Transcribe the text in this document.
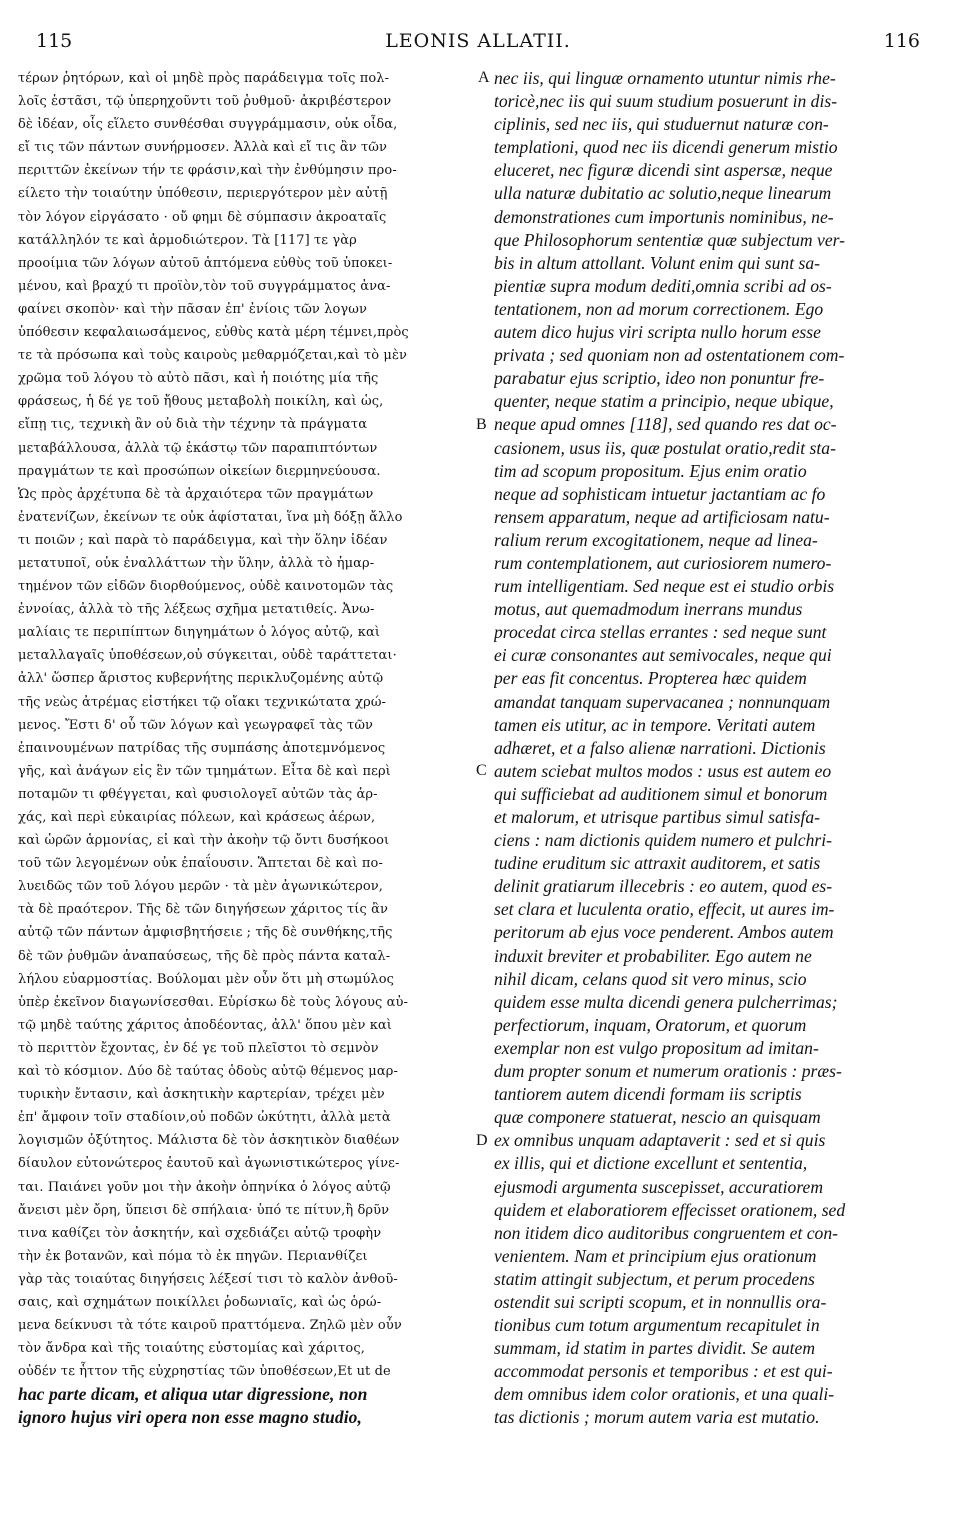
115	LEONIS ALLATII.	116
τέρων ῥητόρων, καὶ οἱ μηδὲ πρὸς παράδειγμα τοῖς πολ-
λοῖς ἑστᾶσι, τῷ ὑπερηχοῦντι τοῦ ῥυθμοῦ· ἀκριβέστερον
δὲ ἰδέαν, οἷς εἵλετο συνθέσθαι συγγράμμασιν, οὐκ οἶδα,
εἴ τις τῶν πάντων συνήρμοσεν. Ἀλλὰ καὶ εἴ τις ἂν τῶν
περιττῶν ἐκείνων τήν τε φράσιν,καὶ τὴν ἐνθύμησιν προ-
είλετο τὴν τοιαύτην ὑπόθεσιν, περιεργότερον μὲν αὐτῇ
τὸν λόγον εἰργάσατο · οὔ φημι δὲ σύμπασιν ἀκροαταῖς
κατάλληλόν τε καὶ ἁρμοδιώτερον. Τὰ [117] τε γὰρ
προοίμια τῶν λόγων αὐτοῦ ἁπτόμενα εὐθὺς τοῦ ὑποκει-
μένου, καὶ βραχύ τι προϊὸν,τὸν τοῦ συγγράμματος ἀνα-
φαίνει σκοπὸν· καὶ τὴν πᾶσαν ἐπ' ἐνίοις τῶν λογων
ὑπόθεσιν κεφαλαιωσάμενος, εὐθὺς κατὰ μέρη τέμνει,πρὸς
τε τὰ πρόσωπα καὶ τοὺς καιροὺς μεθαρμόζεται,καὶ τὸ μὲν
χρῶμα τοῦ λόγου τὸ αὐτὸ πᾶσι, καὶ ἡ ποιότης μία τῆς
φράσεως, ἡ δέ γε τοῦ ἤθους μεταβολὴ ποικίλη, καὶ ὡς,
εἴπῃ τις, τεχνικὴ ἂν οὐ διὰ τὴν τέχνην τὰ πράγματα
μεταβάλλουσα, ἀλλὰ τῷ ἑκάστῳ τῶν παραπιπτόντων
πραγμάτων τε καὶ προσώπων οἰκείων διερμηνεύουσα.
Ὡς πρὸς ἀρχέτυπα δὲ τὰ ἀρχαιότερα τῶν πραγμάτων
ἐνατενίζων, ἐκείνων τε οὐκ ἀφίσταται, ἵνα μὴ δόξῃ ἄλλο
τι ποιῶν ; καὶ παρὰ τὸ παράδειγμα, καὶ τὴν ὅλην ἰδέαν
μετατυποῖ, οὐκ ἐναλλάττων τὴν ὕλην, ἀλλὰ τὸ ἡμαρ-
τημένον τῶν εἰδῶν διορθούμενος, οὐδὲ καινοτομῶν τὰς
ἐννοίας, ἀλλὰ τὸ τῆς λέξεως σχῆμα μετατιθείς. Ἀνω-
μαλίαις τε περιπίπτων διηγημάτων ὁ λόγος αὐτῷ, καὶ
μεταλλαγαῖς ὑποθέσεων,οὐ σύγκειται, οὐδὲ ταράττεται·
ἀλλ' ὥσπερ ἄριστος κυβερνήτης περικλυζομένης αὐτῷ
τῆς νεὼς ἀτρέμας εἱστήκει τῷ οἴακι τεχνικώτατα χρώ-
μενος. Ἔστι δ' οὗ τῶν λόγων καὶ γεωγραφεῖ τὰς τῶν
ἐπαινουμένων πατρίδας τῆς συμπάσης ἀποτεμνόμενος
γῆς, καὶ ἀνάγων εἰς ἓν τῶν τμημάτων. Εἶτα δὲ καὶ περὶ
ποταμῶν τι φθέγγεται, καὶ φυσιολογεῖ αὐτῶν τὰς ἀρ-
χάς, καὶ περὶ εὐκαιρίας πόλεων, καὶ κράσεως ἀέρων,
καὶ ὡρῶν ἁρμονίας, εἰ καὶ τὴν ἀκοὴν τῷ ὄντι δυσήκοοι
τοῦ τῶν λεγομένων οὐκ ἐπαΐουσιν. Ἅπτεται δὲ καὶ πο-
λυειδῶς τῶν τοῦ λόγου μερῶν · τὰ μὲν ἀγωνικώτερον,
τὰ δὲ πραότερον. Τῆς δὲ τῶν διηγήσεων χάριτος τίς ἂν
αὐτῷ τῶν πάντων ἀμφισβητήσειε ; τῆς δὲ συνθήκης,τῆς
δὲ τῶν ῥυθμῶν ἀναπαύσεως, τῆς δὲ πρὸς πάντα καταλ-
λήλου εὐαρμοστίας. Βούλομαι μὲν οὖν ὅτι μὴ στωμύλος
ὑπὲρ ἐκεῖνον διαγωνίσεσθαι. Εὑρίσκω δὲ τοὺς λόγους αὐ-
τῷ μηδὲ ταύτης χάριτος ἀποδέοντας, ἀλλ' ὅπου μὲν καὶ
τὸ περιττὸν ἔχοντας, ἐν δέ γε τοῦ πλεῖστοι τὸ σεμνὸν
καὶ τὸ κόσμιον. Δύο δὲ ταύτας ὁδοὺς αὐτῷ θέμενος μαρ-
τυρικὴν ἔντασιν, καὶ ἀσκητικὴν καρτερίαν, τρέχει μὲν
ἐπ' ἄμφοιν τοῖν σταδίοιν,οὐ ποδῶν ὠκύτητι, ἀλλὰ μετὰ
λογισμῶν ὀξύτητος. Μάλιστα δὲ τὸν ἀσκητικὸν διαθέων
δίαυλον εὐτονώτερος ἑαυτοῦ καὶ ἀγωνιστικώτερος γίνε-
ται. Παιάνει γοῦν μοι τὴν ἀκοὴν ὁπηνίκα ὁ λόγος αὐτῷ
ἄνεισι μὲν ὄρη, ὕπεισι δὲ σπήλαια· ὑπό τε πίτυν,ἢ δρῦν
τινα καθίζει τὸν ἀσκητήν, καὶ σχεδιάζει αὐτῷ τροφὴν
τὴν ἐκ βοτανῶν, καὶ πόμα τὸ ἐκ πηγῶν. Περιανθίζει
γὰρ τὰς τοιαύτας διηγήσεις λέξεσί τισι τὸ καλὸν ἀνθοῦ-
σαις, καὶ σχημάτων ποικίλλει ῥοδωνιαῖς, καὶ ὡς ὁρώ-
μενα δείκνυσι τὰ τότε καιροῦ πραττόμενα. Ζηλῶ μὲν οὖν
τὸν ἄνδρα καὶ τῆς τοιαύτης εὐστομίας καὶ χάριτος,
οὐδέν τε ἧττον τῆς εὐχρηστίας τῶν ὑποθέσεων,Et ut de
hac parte dicam, et aliqua utar digressione, non
ignoro hujus viri opera non esse magno studio,
nec iis, qui linguæ ornamento utuntur nimis rhe-
toricè,nec iis qui suum studium posuerunt in dis-
ciplinis, sed nec iis, qui studuernut naturæ con-
templationi, quod nec iis dicendi generum mistio
eluceret, nec figuræ dicendi sint aspersæ, neque
ulla naturæ dubitatio ac solutio,neque linearum
demonstrationes cum importunis nominibus, ne-
que Philosophorum sententiæ quæ subjectum ver-
bis in altum attollant. Volunt enim qui sunt sa-
pientiæ supra modum dediti,omnia scribi ad os-
tentationem, non ad morum correctionem. Ego
autem dico hujus viri scripta nullo horum esse
privata ; sed quoniam non ad ostentationem com-
parabatur ejus scriptio, ideo non ponuntur fre-
quenter, neque statim a principio, neque ubique,
neque apud omnes [118], sed quando res dat oc-
casionem, usus iis, quæ postulat oratio,redit sta-
tim ad scopum propositum. Ejus enim oratio
neque ad sophisticam intuetur jactantiam ac fo
rensem apparatum, neque ad artificiosam natu-
ralium rerum excogitationem, neque ad linea-
rum contemplationem, aut curiosiorem numero-
rum intelligentiam. Sed neque est ei studio orbis
motus, aut quemadmodum inerrans mundus
procedat circa stellas errantes : sed neque sunt
ei curæ consonantes aut semivocales, neque qui
per eas fit concentus. Propterea hæc quidem
amandat tanquam supervacanea ; nonnunquam
tamen eis utitur, ac in tempore. Veritati autem
adhæret, et a falso alienæ narrationi. Dictionis
autem sciebat multos modos : usus est autem eo
qui sufficiebat ad auditionem simul et bonorum
et malorum, et utrisque partibus simul satisfa-
ciens : nam dictionis quidem numero et pulchri-
tudine eruditum sic attraxit auditorem, et satis
delinit gratiarum illecebris : eo autem, quod es-
set clara et luculenta oratio, effecit, ut aures im-
peritorum ab ejus voce penderent. Ambos autem
induxit breviter et probabiliter. Ego autem ne
nihil dicam, celans quod sit vero minus, scio
quidem esse multa dicendi genera pulcherrimas;
perfectiorum, inquam, Oratorum, et quorum
exemplar non est vulgo propositum ad imitan-
dum propter sonum et numerum orationis : præs-
tantiorem autem dicendi formam iis scriptis
quæ componere statuerat, nescio an quisquam
ex omnibus unquam adaptaverit : sed et si quis
ex illis, qui et dictione excellunt et sententia,
ejusmodi argumenta suscepisset, accuratiorem
quidem et elaboratiorem effecisset orationem, sed
non itidem dico auditoribus congruentem et con-
venientem. Nam et principium ejus orationum
statim attingit subjectum, et perum procedens
ostendit sui scripti scopum, et in nonnullis ora-
tionibus cum totum argumentum recapitulet in
summam, id statim in partes dividit. Se autem
accommodat personis et temporibus : et est qui-
dem omnibus idem color orationis, et una quali-
tas dictionis ; morum autem varia est mutatio.
A
B
C
D
